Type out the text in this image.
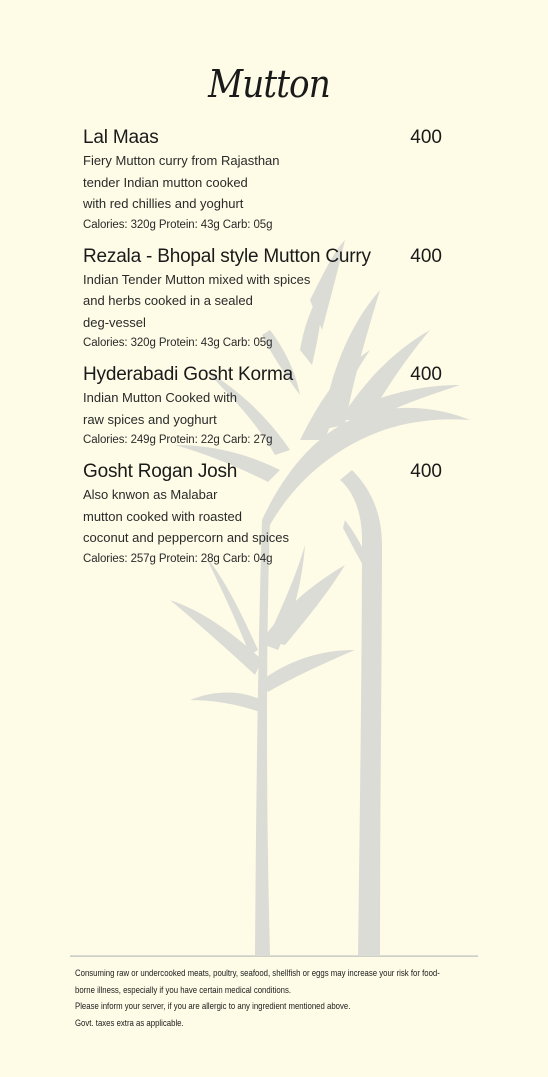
Mutton
Lal Maas	400
Fiery Mutton curry from Rajasthan
tender Indian mutton cooked
with red chillies and yoghurt
Calories: 320g Protein: 43g Carb: 05g
Rezala - Bhopal style Mutton Curry 400
Indian Tender Mutton mixed with spices
and herbs cooked in a sealed
deg-vessel
Calories: 320g Protein: 43g Carb: 05g
Hyderabadi Gosht Korma	400
Indian Mutton Cooked with
raw spices and yoghurt
Calories: 249g Protein: 22g Carb: 27g
Gosht Rogan Josh	400
Also knwon as Malabar
mutton cooked with roasted
coconut and peppercorn and spices
Calories: 257g Protein: 28g Carb: 04g
Consuming raw or undercooked meats, poultry, seafood, shellfish or eggs may increase your risk for food-
borne illness, especially if you have certain medical conditions.
Please inform your server, if you are allergic to any ingredient mentioned above.
Govt. taxes extra as applicable.
